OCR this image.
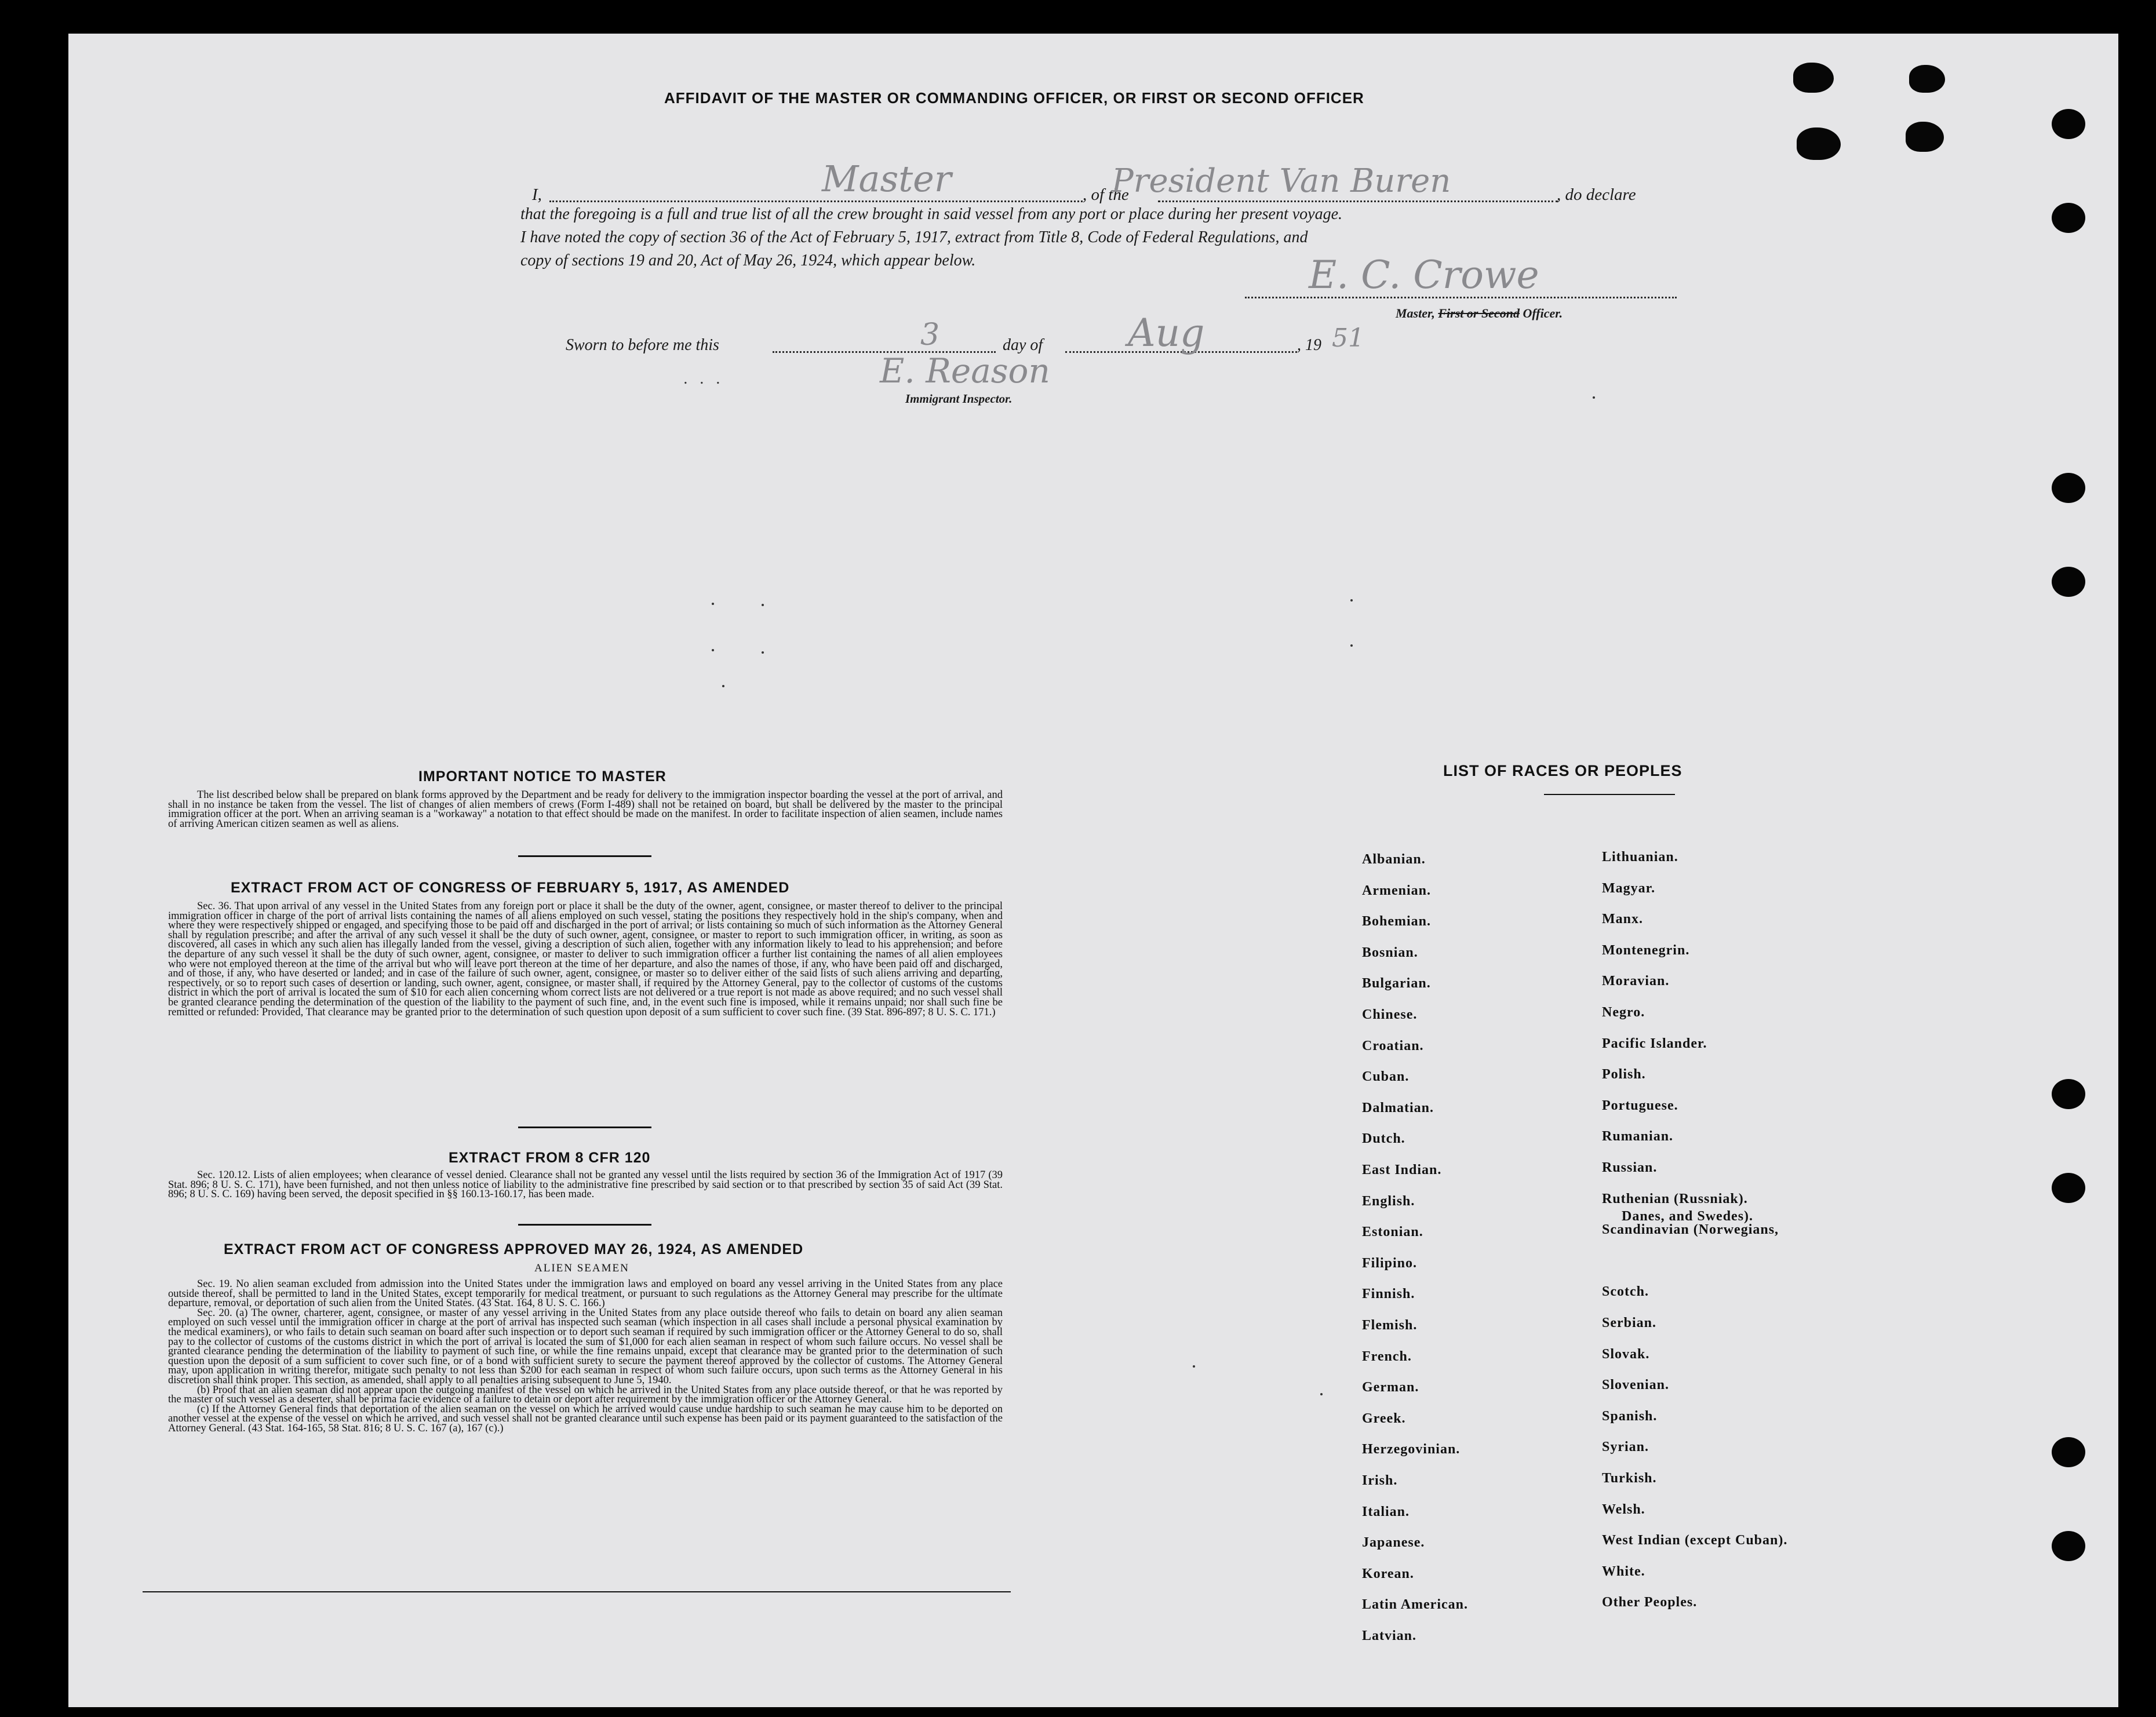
AFFIDAVIT OF THE MASTER OR COMMANDING OFFICER, OR FIRST OR SECOND OFFICER
I,	Master	, of the
President Van Buren	, do declare
that the foregoing is a full and true list of all the crew brought in said vessel from any port or place during her present voyage.
I have noted the copy of section 36 of the Act of February 5, 1917, extract from Title 8, Code of Federal Regulations, and
copy of sections 19 and 20, Act of May 26, 1924, which appear below.	E. C. Crowe
Master, First or Second Officer.
Sworn to before me this	3	day of Aug	, 19 51
.   .   .	E. Reason
Immigrant Inspector.
IMPORTANT NOTICE TO MASTER

The list described below shall be prepared on blank forms approved by the Department and be ready for delivery to the immigration inspector boarding the vessel at the port of arrival, and shall in no instance be taken from the vessel. The list of changes of alien members of crews (Form I-489) shall not be retained on board, but shall be delivered by the master to the principal immigration officer at the port. When an arriving seaman is a "workaway" a notation to that effect should be made on the manifest. In order to facilitate inspection of alien seamen, include names of arriving American citizen seamen as well as aliens.

EXTRACT FROM ACT OF CONGRESS OF FEBRUARY 5, 1917, AS AMENDED

Sec. 36. That upon arrival of any vessel in the United States from any foreign port or place it shall be the duty of the owner, agent, consignee, or master thereof to deliver to the principal immigration officer in charge of the port of arrival lists containing the names of all aliens employed on such vessel, stating the positions they respectively hold in the ship's company, when and where they were respectively shipped or engaged, and specifying those to be paid off and discharged in the port of arrival; or lists containing so much of such information as the Attorney General shall by regulation prescribe; and after the arrival of any such vessel it shall be the duty of such owner, agent, consignee, or master to report to such immigration officer, in writing, as soon as discovered, all cases in which any such alien has illegally landed from the vessel, giving a description of such alien, together with any information likely to lead to his apprehension; and before the departure of any such vessel it shall be the duty of such owner, agent, consignee, or master to deliver to such immigration officer a further list containing the names of all alien employees who were not employed thereon at the time of the arrival but who will leave port thereon at the time of her departure, and also the names of those, if any, who have been paid off and discharged, and of those, if any, who have deserted or landed; and in case of the failure of such owner, agent, consignee, or master so to deliver either of the said lists of such aliens arriving and departing, respectively, or so to report such cases of desertion or landing, such owner, agent, consignee, or master shall, if required by the Attorney General, pay to the collector of customs of the customs district in which the port of arrival is located the sum of $10 for each alien concerning whom correct lists are not delivered or a true report is not made as above required; and no such vessel shall be granted clearance pending the determination of the question of the liability to the payment of such fine, and, in the event such fine is imposed, while it remains unpaid; nor shall such fine be remitted or refunded: Provided, That clearance may be granted prior to the determination of such question upon deposit of a sum sufficient to cover such fine. (39 Stat. 896-897; 8 U. S. C. 171.)

EXTRACT FROM 8 CFR 120

Sec. 120.12. Lists of alien employees; when clearance of vessel denied. Clearance shall not be granted any vessel until the lists required by section 36 of the Immigration Act of 1917 (39 Stat. 896; 8 U. S. C. 171), have been furnished, and not then unless notice of liability to the administrative fine prescribed by said section or to that prescribed by section 35 of said Act (39 Stat. 896; 8 U. S. C. 169) having been served, the deposit specified in §§ 160.13-160.17, has been made.

EXTRACT FROM ACT OF CONGRESS APPROVED MAY 26, 1924, AS AMENDED
ALIEN SEAMEN

Sec. 19. No alien seaman excluded from admission into the United States under the immigration laws and employed on board any vessel arriving in the United States from any place outside thereof, shall be permitted to land in the United States, except temporarily for medical treatment, or pursuant to such regulations as the Attorney General may prescribe for the ultimate departure, removal, or deportation of such alien from the United States. (43 Stat. 164, 8 U. S. C. 166.)

Sec. 20. (a) The owner, charterer, agent, consignee, or master of any vessel arriving in the United States from any place outside thereof who fails to detain on board any alien seaman employed on such vessel until the immigration officer in charge at the port of arrival has inspected such seaman (which inspection in all cases shall include a personal physical examination by the medical examiners), or who fails to detain such seaman on board after such inspection or to deport such seaman if required by such immigration officer or the Attorney General to do so, shall pay to the collector of customs of the customs district in which the port of arrival is located the sum of $1,000 for each alien seaman in respect of whom such failure occurs. No vessel shall be granted clearance pending the determination of the liability to payment of such fine, or while the fine remains unpaid, except that clearance may be granted prior to the determination of such question upon the deposit of a sum sufficient to cover such fine, or of a bond with sufficient surety to secure the payment thereof approved by the collector of customs. The Attorney General may, upon application in writing therefor, mitigate such penalty to not less than $200 for each seaman in respect of whom such failure occurs, upon such terms as the Attorney General in his discretion shall think proper. This section, as amended, shall apply to all penalties arising subsequent to June 5, 1940.

(b) Proof that an alien seaman did not appear upon the outgoing manifest of the vessel on which he arrived in the United States from any place outside thereof, or that he was reported by the master of such vessel as a deserter, shall be prima facie evidence of a failure to detain or deport after requirement by the immigration officer or the Attorney General.

(c) If the Attorney General finds that deportation of the alien seaman on the vessel on which he arrived would cause undue hardship to such seaman he may cause him to be deported on another vessel at the expense of the vessel on which he arrived, and such vessel shall not be granted clearance until such expense has been paid or its payment guaranteed to the satisfaction of the Attorney General. (43 Stat. 164-165, 58 Stat. 816; 8 U. S. C. 167 (a), 167 (c).)

LIST OF RACES OR PEOPLES
Danes, and Swedes).
Albanian.
Armenian.
Bohemian.
Bosnian.
Bulgarian.
Chinese.
Croatian.
Cuban.
Dalmatian.
Dutch.
East Indian.
English.
Estonian.
Filipino.
Finnish.
Flemish.
French.
German.
Greek.
Herzegovinian.
Irish.
Italian.
Japanese.
Korean.
Latin American.
Latvian.
Lithuanian.
Magyar.
Manx.
Montenegrin.
Moravian.
Negro.
Pacific Islander.
Polish.
Portuguese.
Rumanian.
Russian.
Ruthenian (Russniak).
Scandinavian (Norwegians,
Scotch.
Serbian.
Slovak.
Slovenian.
Spanish.
Syrian.
Turkish.
Welsh.
West Indian (except Cuban).
White.
Other Peoples.
